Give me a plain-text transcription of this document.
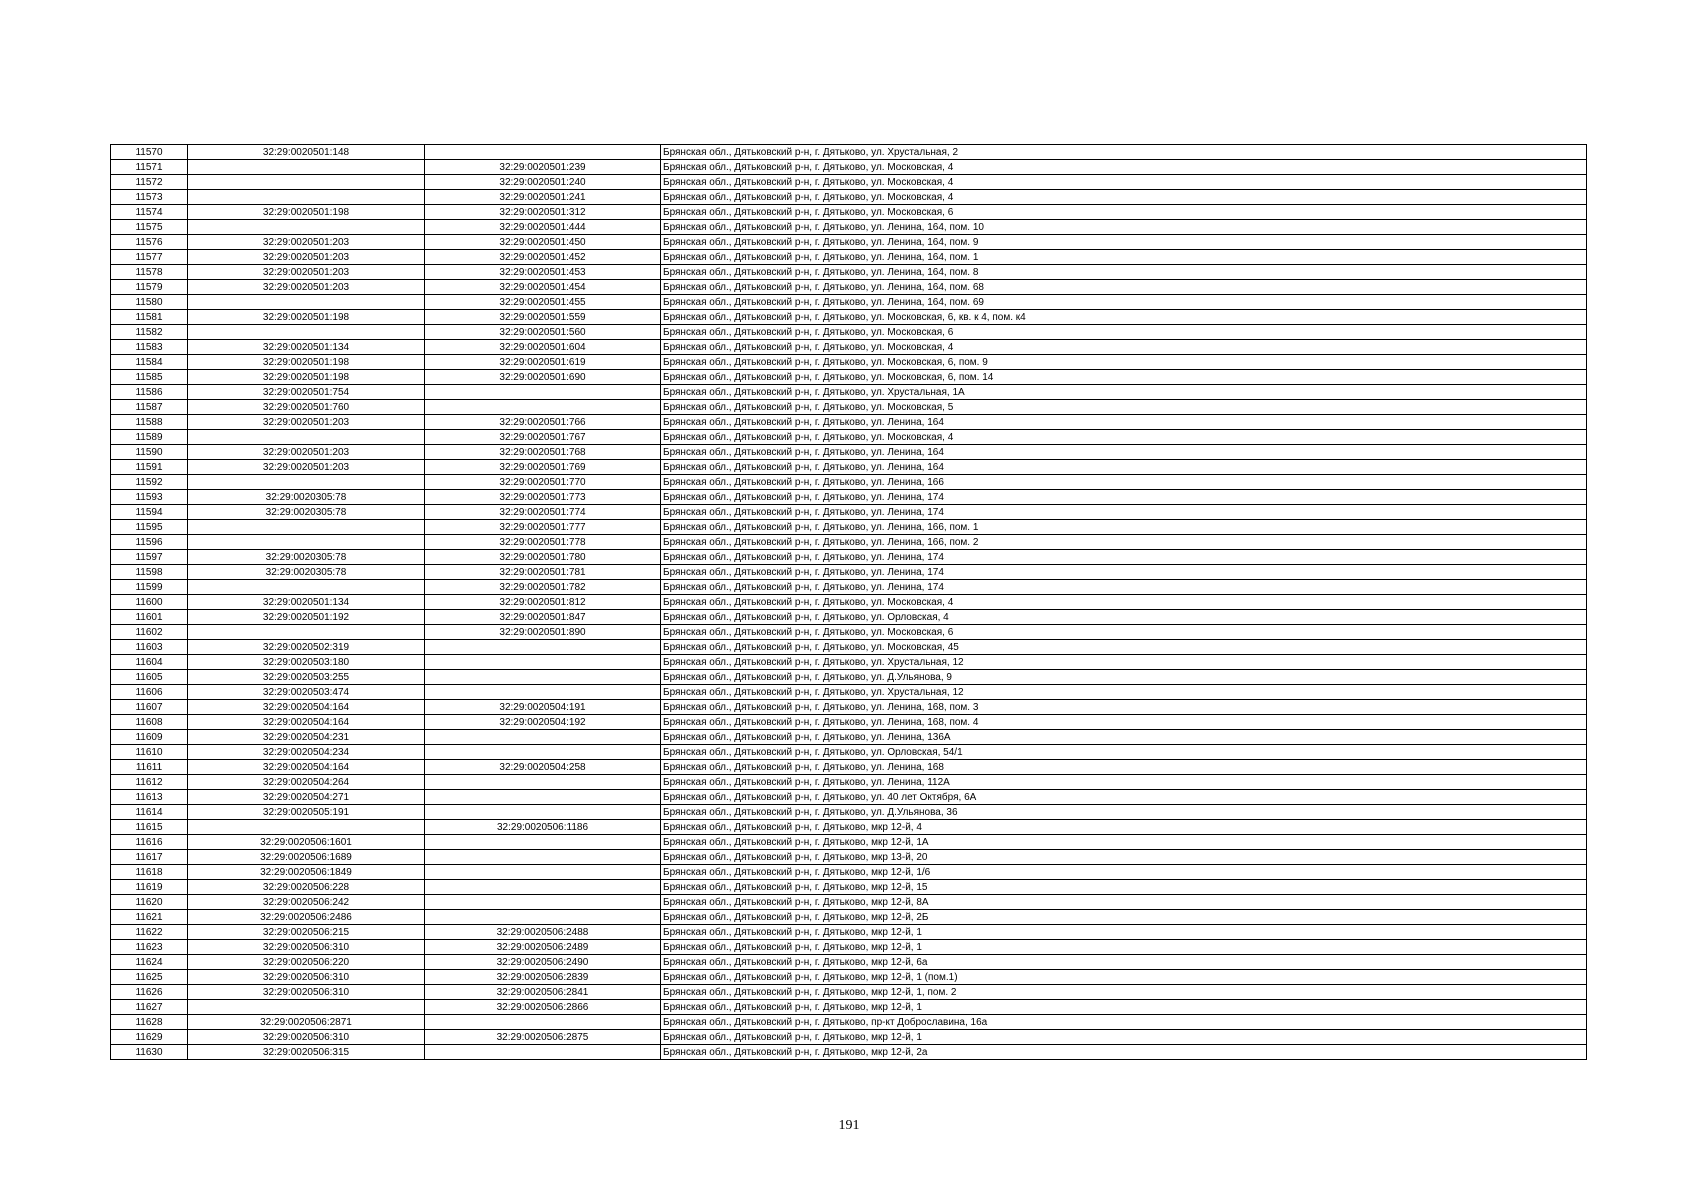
11570	32:29:0020501:148		Брянская обл., Дятьковский р-н, г. Дятьково, ул. Хрустальная, 2
11571		32:29:0020501:239	Брянская обл., Дятьковский р-н, г. Дятьково, ул. Московская, 4
11572		32:29:0020501:240	Брянская обл., Дятьковский р-н, г. Дятьково, ул. Московская, 4
11573		32:29:0020501:241	Брянская обл., Дятьковский р-н, г. Дятьково, ул. Московская, 4
11574	32:29:0020501:198	32:29:0020501:312	Брянская обл., Дятьковский р-н, г. Дятьково, ул. Московская, 6
11575		32:29:0020501:444	Брянская обл., Дятьковский р-н, г. Дятьково, ул. Ленина, 164, пом. 10
11576	32:29:0020501:203	32:29:0020501:450	Брянская обл., Дятьковский р-н, г. Дятьково, ул. Ленина, 164, пом. 9
11577	32:29:0020501:203	32:29:0020501:452	Брянская обл., Дятьковский р-н, г. Дятьково, ул. Ленина, 164, пом. 1
11578	32:29:0020501:203	32:29:0020501:453	Брянская обл., Дятьковский р-н, г. Дятьково, ул. Ленина, 164, пом. 8
11579	32:29:0020501:203	32:29:0020501:454	Брянская обл., Дятьковский р-н, г. Дятьково, ул. Ленина, 164, пом. 68
11580		32:29:0020501:455	Брянская обл., Дятьковский р-н, г. Дятьково, ул. Ленина, 164, пом. 69
11581	32:29:0020501:198	32:29:0020501:559	Брянская обл., Дятьковский р-н, г. Дятьково, ул. Московская, 6, кв. к 4, пом. к4
11582		32:29:0020501:560	Брянская обл., Дятьковский р-н, г. Дятьково, ул. Московская, 6
11583	32:29:0020501:134	32:29:0020501:604	Брянская обл., Дятьковский р-н, г. Дятьково, ул. Московская, 4
11584	32:29:0020501:198	32:29:0020501:619	Брянская обл., Дятьковский р-н, г. Дятьково, ул. Московская, 6, пом. 9
11585	32:29:0020501:198	32:29:0020501:690	Брянская обл., Дятьковский р-н, г. Дятьково, ул. Московская, 6, пом. 14
11586	32:29:0020501:754		Брянская обл., Дятьковский р-н, г. Дятьково, ул. Хрустальная, 1А
11587	32:29:0020501:760		Брянская обл., Дятьковский р-н, г. Дятьково, ул. Московская, 5
11588	32:29:0020501:203	32:29:0020501:766	Брянская обл., Дятьковский р-н, г. Дятьково, ул. Ленина, 164
11589		32:29:0020501:767	Брянская обл., Дятьковский р-н, г. Дятьково, ул. Московская, 4
11590	32:29:0020501:203	32:29:0020501:768	Брянская обл., Дятьковский р-н, г. Дятьково, ул. Ленина, 164
11591	32:29:0020501:203	32:29:0020501:769	Брянская обл., Дятьковский р-н, г. Дятьково, ул. Ленина, 164
11592		32:29:0020501:770	Брянская обл., Дятьковский р-н, г. Дятьково, ул. Ленина, 166
11593	32:29:0020305:78	32:29:0020501:773	Брянская обл., Дятьковский р-н, г. Дятьково, ул. Ленина, 174
11594	32:29:0020305:78	32:29:0020501:774	Брянская обл., Дятьковский р-н, г. Дятьково, ул. Ленина, 174
11595		32:29:0020501:777	Брянская обл., Дятьковский р-н, г. Дятьково, ул. Ленина, 166, пом. 1
11596		32:29:0020501:778	Брянская обл., Дятьковский р-н, г. Дятьково, ул. Ленина, 166, пом. 2
11597	32:29:0020305:78	32:29:0020501:780	Брянская обл., Дятьковский р-н, г. Дятьково, ул. Ленина, 174
11598	32:29:0020305:78	32:29:0020501:781	Брянская обл., Дятьковский р-н, г. Дятьково, ул. Ленина, 174
11599		32:29:0020501:782	Брянская обл., Дятьковский р-н, г. Дятьково, ул. Ленина, 174
11600	32:29:0020501:134	32:29:0020501:812	Брянская обл., Дятьковский р-н, г. Дятьково, ул. Московская, 4
11601	32:29:0020501:192	32:29:0020501:847	Брянская обл., Дятьковский р-н, г. Дятьково, ул. Орловская, 4
11602		32:29:0020501:890	Брянская обл., Дятьковский р-н, г. Дятьково, ул. Московская, 6
11603	32:29:0020502:319		Брянская обл., Дятьковский р-н, г. Дятьково, ул. Московская, 45
11604	32:29:0020503:180		Брянская обл., Дятьковский р-н, г. Дятьково, ул. Хрустальная, 12
11605	32:29:0020503:255		Брянская обл., Дятьковский р-н, г. Дятьково, ул. Д.Ульянова, 9
11606	32:29:0020503:474		Брянская обл., Дятьковский р-н, г. Дятьково, ул. Хрустальная, 12
11607	32:29:0020504:164	32:29:0020504:191	Брянская обл., Дятьковский р-н, г. Дятьково, ул. Ленина, 168, пом. 3
11608	32:29:0020504:164	32:29:0020504:192	Брянская обл., Дятьковский р-н, г. Дятьково, ул. Ленина, 168, пом. 4
11609	32:29:0020504:231		Брянская обл., Дятьковский р-н, г. Дятьково, ул. Ленина, 136А
11610	32:29:0020504:234		Брянская обл., Дятьковский р-н, г. Дятьково, ул. Орловская, 54/1
11611	32:29:0020504:164	32:29:0020504:258	Брянская обл., Дятьковский р-н, г. Дятьково, ул. Ленина, 168
11612	32:29:0020504:264		Брянская обл., Дятьковский р-н, г. Дятьково, ул. Ленина, 112А
11613	32:29:0020504:271		Брянская обл., Дятьковский р-н, г. Дятьково, ул. 40 лет Октября, 6А
11614	32:29:0020505:191		Брянская обл., Дятьковский р-н, г. Дятьково, ул. Д.Ульянова, 36
11615		32:29:0020506:1186	Брянская обл., Дятьковский р-н, г. Дятьково, мкр 12-й, 4
11616	32:29:0020506:1601		Брянская обл., Дятьковский р-н, г. Дятьково, мкр 12-й, 1А
11617	32:29:0020506:1689		Брянская обл., Дятьковский р-н, г. Дятьково, мкр 13-й, 20
11618	32:29:0020506:1849		Брянская обл., Дятьковский р-н, г. Дятьково, мкр 12-й, 1/6
11619	32:29:0020506:228		Брянская обл., Дятьковский р-н, г. Дятьково, мкр 12-й, 15
11620	32:29:0020506:242		Брянская обл., Дятьковский р-н, г. Дятьково, мкр 12-й, 8А
11621	32:29:0020506:2486		Брянская обл., Дятьковский р-н, г. Дятьково, мкр 12-й, 2Б
11622	32:29:0020506:215	32:29:0020506:2488	Брянская обл., Дятьковский р-н, г. Дятьково, мкр 12-й, 1
11623	32:29:0020506:310	32:29:0020506:2489	Брянская обл., Дятьковский р-н, г. Дятьково, мкр 12-й, 1
11624	32:29:0020506:220	32:29:0020506:2490	Брянская обл., Дятьковский р-н, г. Дятьково, мкр 12-й, 6а
11625	32:29:0020506:310	32:29:0020506:2839	Брянская обл., Дятьковский р-н, г. Дятьково, мкр 12-й, 1 (пом.1)
11626	32:29:0020506:310	32:29:0020506:2841	Брянская обл., Дятьковский р-н, г. Дятьково, мкр 12-й, 1, пом. 2
11627		32:29:0020506:2866	Брянская обл., Дятьковский р-н, г. Дятьково, мкр 12-й, 1
11628	32:29:0020506:2871		Брянская обл., Дятьковский р-н, г. Дятьково, пр-кт Доброславина, 16а
11629	32:29:0020506:310	32:29:0020506:2875	Брянская обл., Дятьковский р-н, г. Дятьково, мкр 12-й, 1
11630	32:29:0020506:315		Брянская обл., Дятьковский р-н, г. Дятьково, мкр 12-й, 2а
191
